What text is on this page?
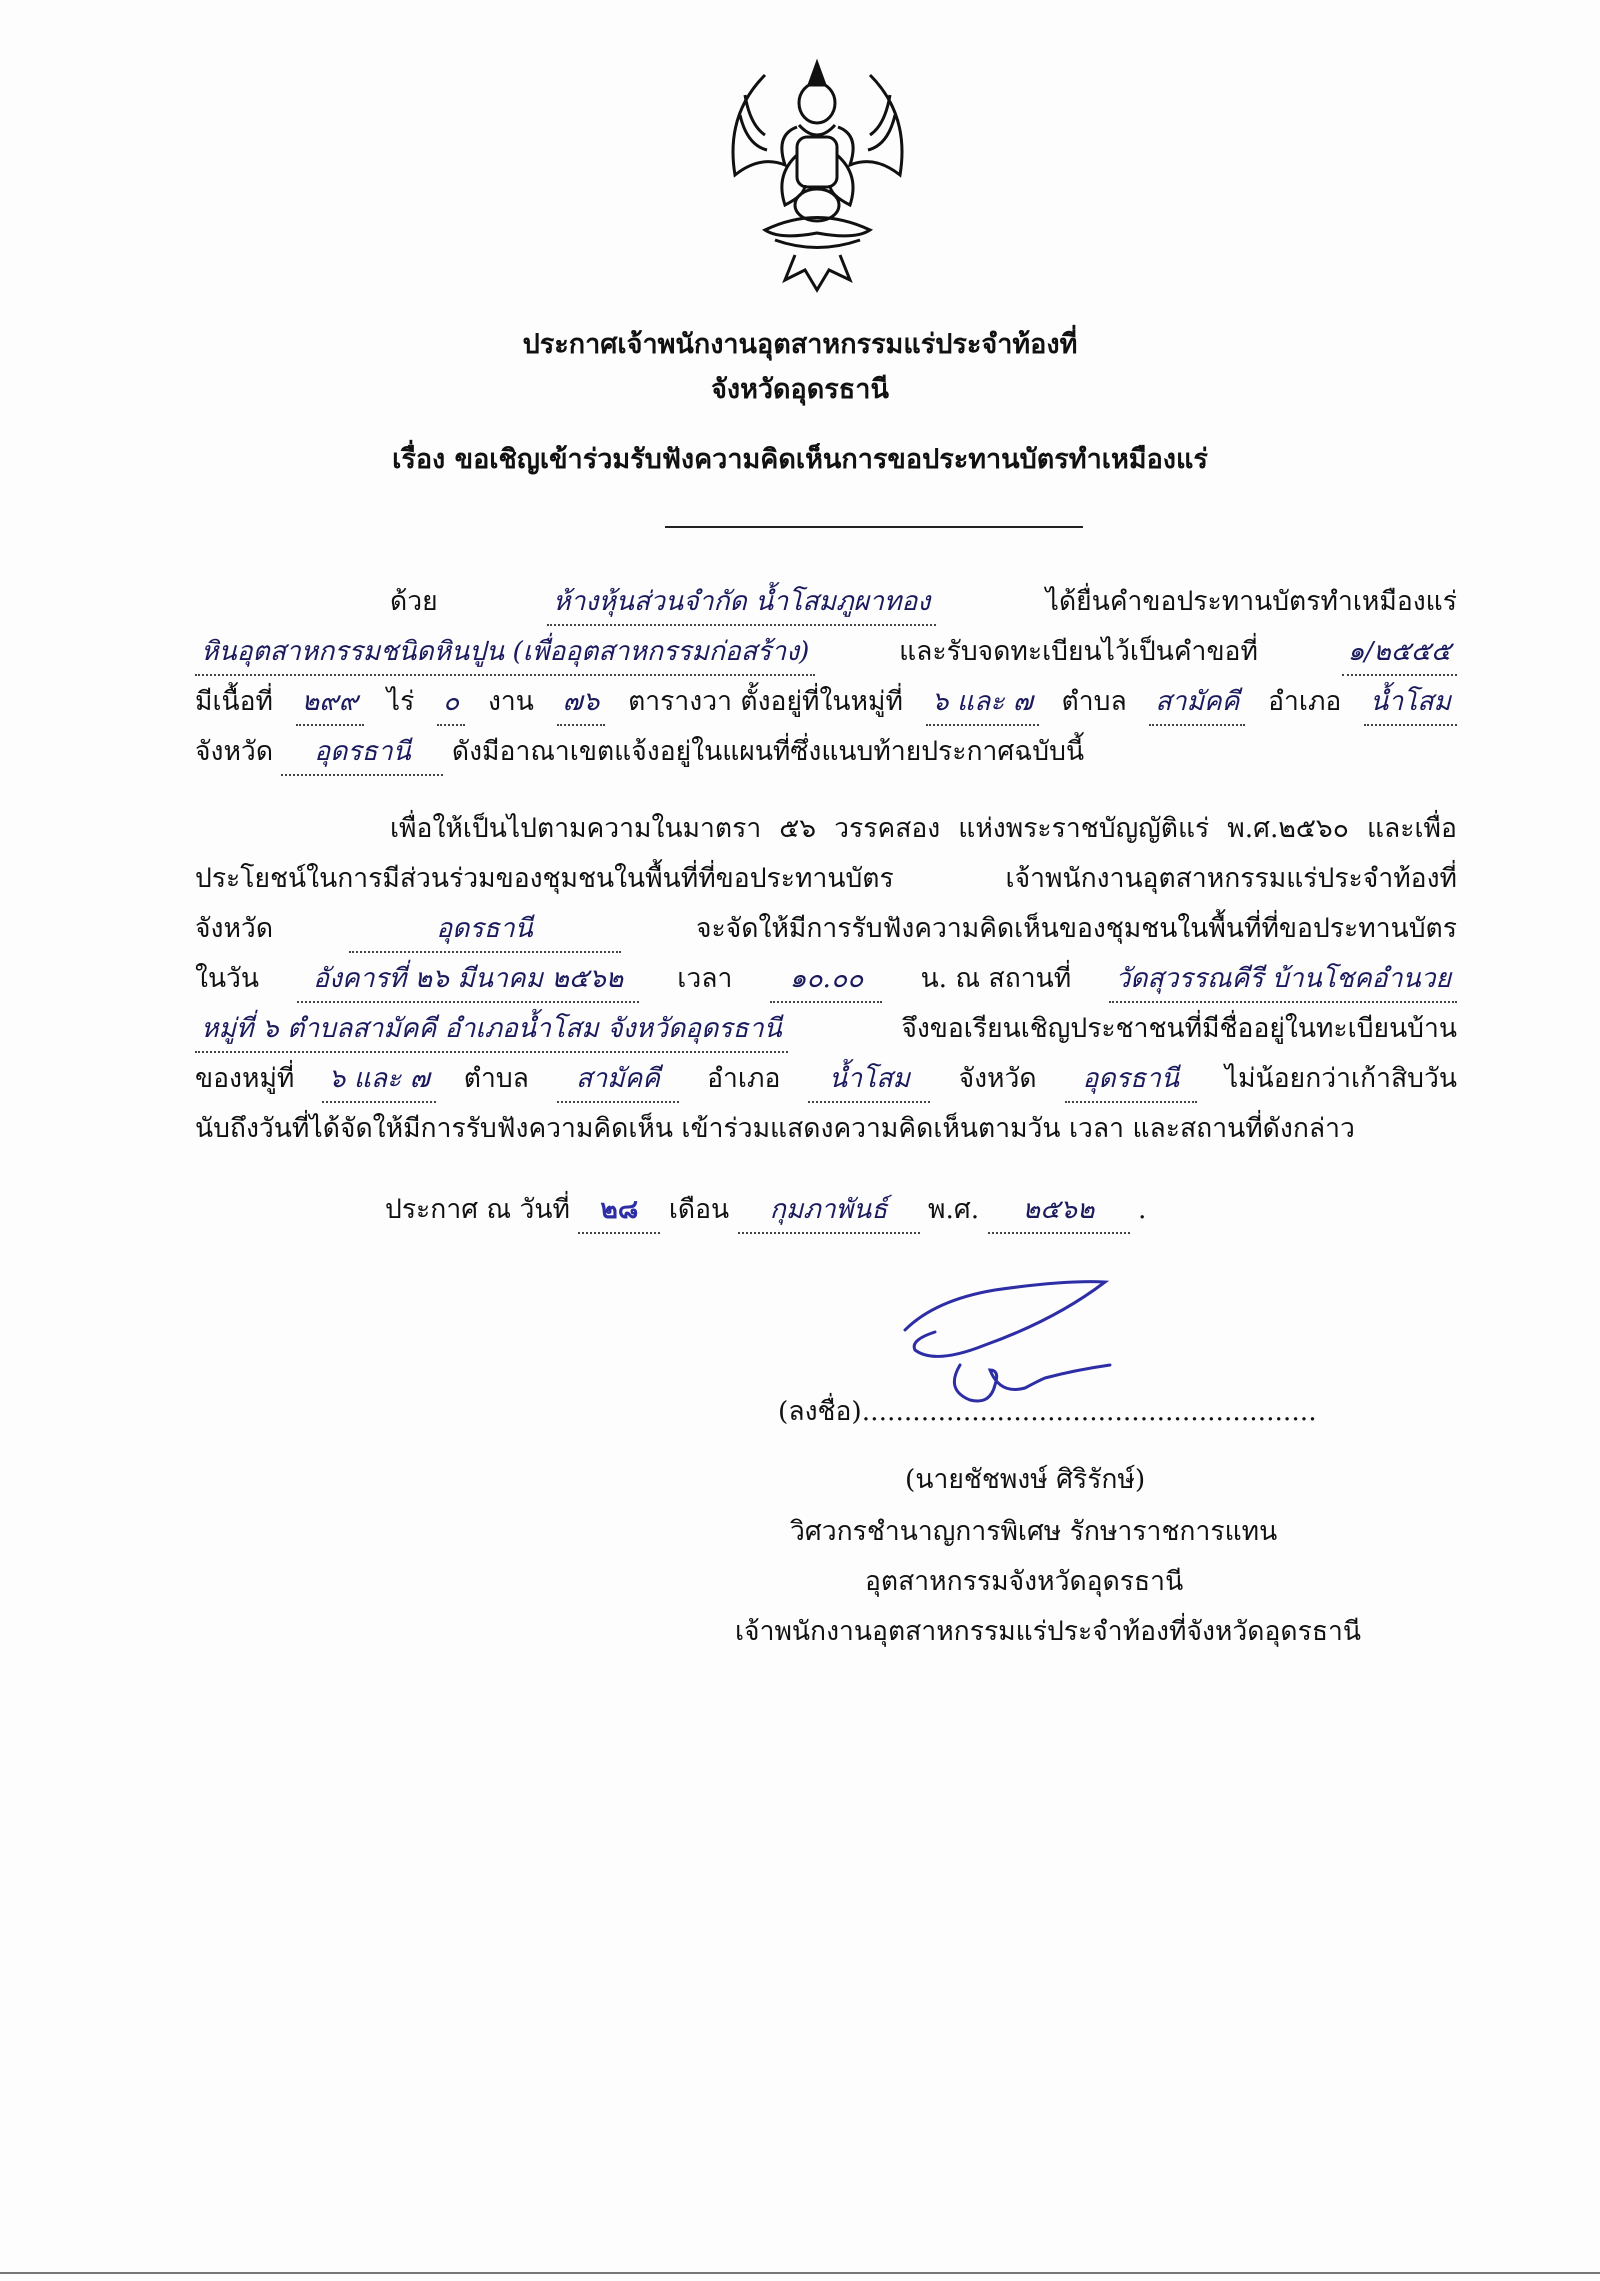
ประกาศเจ้าพนักงานอุตสาหกรรมแร่ประจำท้องที่
จังหวัดอุดรธานี
เรื่อง ขอเชิญเข้าร่วมรับฟังความคิดเห็นการขอประทานบัตรทำเหมืองแร่
ด้วย	ห้างหุ้นส่วนจำกัด น้ำโสมภูผาทอง	ได้ยื่นคำขอประทานบัตรทำเหมืองแร่
หินอุตสาหกรรมชนิดหินปูน (เพื่ออุตสาหกรรมก่อสร้าง)	และรับจดทะเบียนไว้เป็นคำขอที่	๑/๒๕๕๕
มีเนื้อที่ ๒๙๙ ไร่ ๐ งาน ๗๖ ตารางวา ตั้งอยู่ที่ในหมู่ที่ ๖ และ ๗ ตำบล สามัคคี อำเภอ น้ำโสม
จังหวัด อุดรธานี ดังมีอาณาเขตแจ้งอยู่ในแผนที่ซึ่งแนบท้ายประกาศฉบับนี้
เพื่อให้เป็นไปตามความในมาตรา ๕๖ วรรคสอง แห่งพระราชบัญญัติแร่ พ.ศ.๒๕๖๐ และเพื่อ
ประโยชน์ในการมีส่วนร่วมของชุมชนในพื้นที่ที่ขอประทานบัตร	เจ้าพนักงานอุตสาหกรรมแร่ประจำท้องที่
จังหวัด	อุดรธานี	จะจัดให้มีการรับฟังความคิดเห็นของชุมชนในพื้นที่ที่ขอประทานบัตร
ในวัน	อังคารที่ ๒๖ มีนาคม ๒๕๖๒	เวลา	๑๐.๐๐	น. ณ สถานที่ วัดสุวรรณคีรี บ้านโชคอำนวย
หมู่ที่ ๖ ตำบลสามัคคี อำเภอน้ำโสม จังหวัดอุดรธานี	จึงขอเรียนเชิญประชาชนที่มีชื่ออยู่ในทะเบียนบ้าน
ของหมู่ที่ ๖ และ ๗ ตำบล	สามัคคี	อำเภอ	น้ำโสม	จังหวัด	อุดรธานี	ไม่น้อยกว่าเก้าสิบวัน
นับถึงวันที่ได้จัดให้มีการรับฟังความคิดเห็น เข้าร่วมแสดงความคิดเห็นตามวัน เวลา และสถานที่ดังกล่าว
ประกาศ ณ วันที่ ๒๘ เดือน กุมภาพันธ์ พ.ศ. ๒๕๖๒ .
(ลงชื่อ)......................................................
(นายชัชพงษ์ ศิริรักษ์)
วิศวกรชำนาญการพิเศษ รักษาราชการแทน
อุตสาหกรรมจังหวัดอุดรธานี
เจ้าพนักงานอุตสาหกรรมแร่ประจำท้องที่จังหวัดอุดรธานี
